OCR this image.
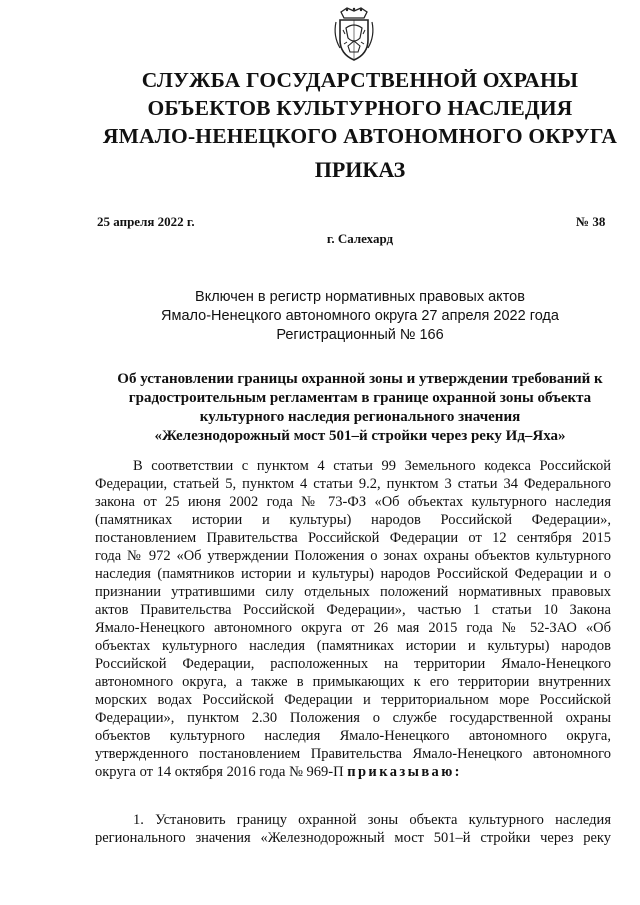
СЛУЖБА ГОСУДАРСТВЕННОЙ ОХРАНЫ
ОБЪЕКТОВ КУЛЬТУРНОГО НАСЛЕДИЯ
ЯМАЛО-НЕНЕЦКОГО АВТОНОМНОГО ОКРУГА
ПРИКАЗ
25 апреля 2022 г.	№ 38
г. Салехард
Включен в регистр нормативных правовых актов
Ямало-Ненецкого автономного округа 27 апреля 2022 года
Регистрационный № 166
Об установлении границы охранной зоны и утверждении требований к
градостроительным регламентам в границе охранной зоны объекта
культурного наследия регионального значения
«Железнодорожный мост 501–й стройки через реку Ид–Яха»
В соответствии с пунктом 4 статьи 99 Земельного кодекса Российской
Федерации, статьей 5, пунктом 4 статьи 9.2, пунктом 3 статьи 34 Федерального
закона от 25 июня 2002 года № 73-ФЗ «Об объектах культурного наследия
(памятниках истории и культуры) народов Российской Федерации»,
постановлением Правительства Российской Федерации от 12 сентября 2015
года № 972 «Об утверждении Положения о зонах охраны объектов культурного
наследия (памятников истории и культуры) народов Российской Федерации и о
признании утратившими силу отдельных положений нормативных правовых
актов Правительства Российской Федерации», частью 1 статьи 10 Закона
Ямало-Ненецкого автономного округа от 26 мая 2015 года № 52-ЗАО «Об
объектах культурного наследия (памятниках истории и культуры) народов
Российской Федерации, расположенных на территории Ямало-Ненецкого
автономного округа, а также в примыкающих к его территории внутренних
морских водах Российской Федерации и территориальном море Российской
Федерации», пунктом 2.30 Положения о службе государственной охраны
объектов культурного наследия Ямало-Ненецкого автономного округа,
утвержденного постановлением Правительства Ямало-Ненецкого автономного
округа от 14 октября 2016 года № 969-П приказываю:
1. Установить границу охранной зоны объекта культурного наследия
регионального значения «Железнодорожный мост 501–й стройки через реку
